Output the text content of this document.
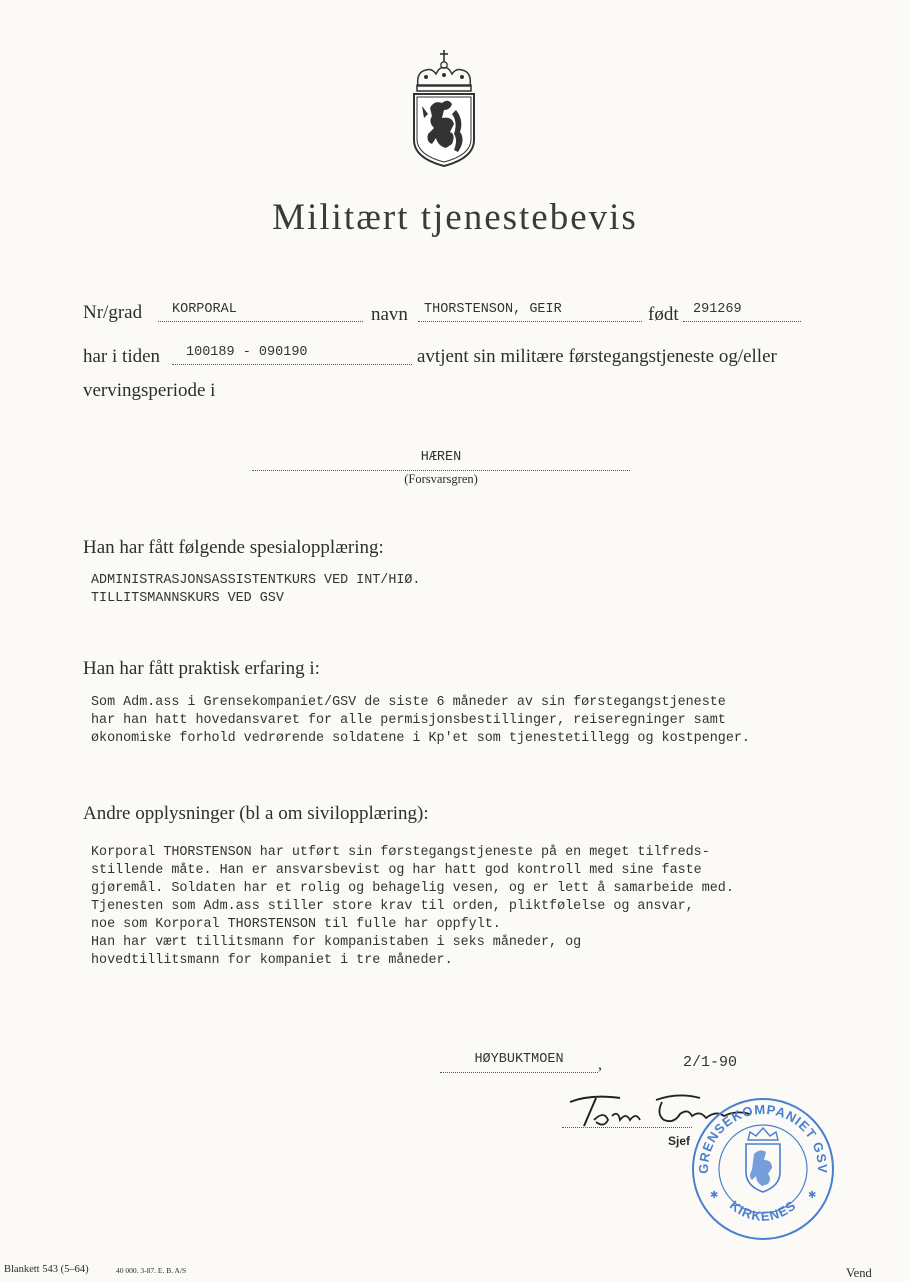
Militært tjenestebevis
Nr/grad	KORPORAL	navn	THORSTENSON, GEIR	født	291269
har i tiden	100189 - 090190	avtjent sin militære førstegangstjeneste og/eller
vervingsperiode i
HÆREN
(Forsvarsgren)
Han har fått følgende spesialopplæring:
ADMINISTRASJONSASSISTENTKURS VED INT/HIØ.
TILLITSMANNSKURS VED GSV
Han har fått praktisk erfaring i:
Som Adm.ass i Grensekompaniet/GSV de siste 6 måneder av sin førstegangstjeneste
har han hatt hovedansvaret for alle permisjonsbestillinger, reiseregninger samt
økonomiske forhold vedrørende soldatene i Kp'et som tjenestetillegg og kostpenger.
Andre opplysninger (bl a om sivilopplæring):
Korporal THORSTENSON har utført sin førstegangstjeneste på en meget tilfreds-
stillende måte. Han er ansvarsbevist og har hatt god kontroll med sine faste
gjøremål. Soldaten har et rolig og behagelig vesen, og er lett å samarbeide med.
Tjenesten som Adm.ass stiller store krav til orden, pliktfølelse og ansvar,
noe som Korporal THORSTENSON til fulle har oppfylt.
Han har vært tillitsmann for kompanistaben i seks måneder, og
hovedtillitsmann for kompaniet i tre måneder.
HØYBUKTMOEN	,	2/1-90
Sjef
GRENSEKOMPANIET GSV
KIRKENES
✱	✱
Blankett 543 (5–64)	40 000. 3-87. E. B. A/S	Vend
